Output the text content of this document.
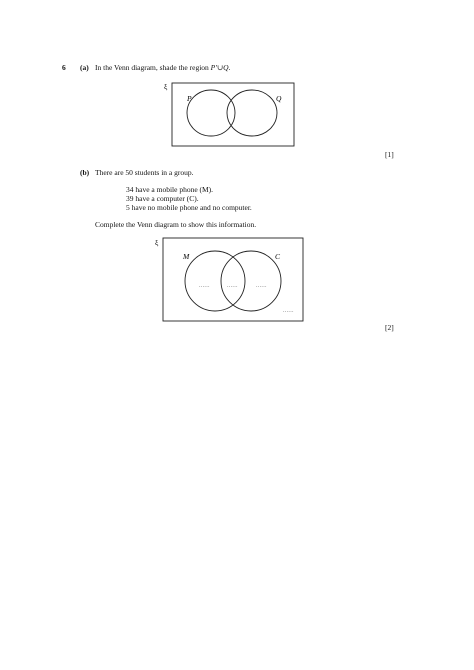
6 (a) In the Venn diagram, shade the region P′∪Q.
ξ
P	Q
[1]
(b) There are 50 students in a group.
34 have a mobile phone (M).
39 have a computer (C).
5 have no mobile phone and no computer.
Complete the Venn diagram to show this information.
ξ
M	C
......	......	......
......
[2]
